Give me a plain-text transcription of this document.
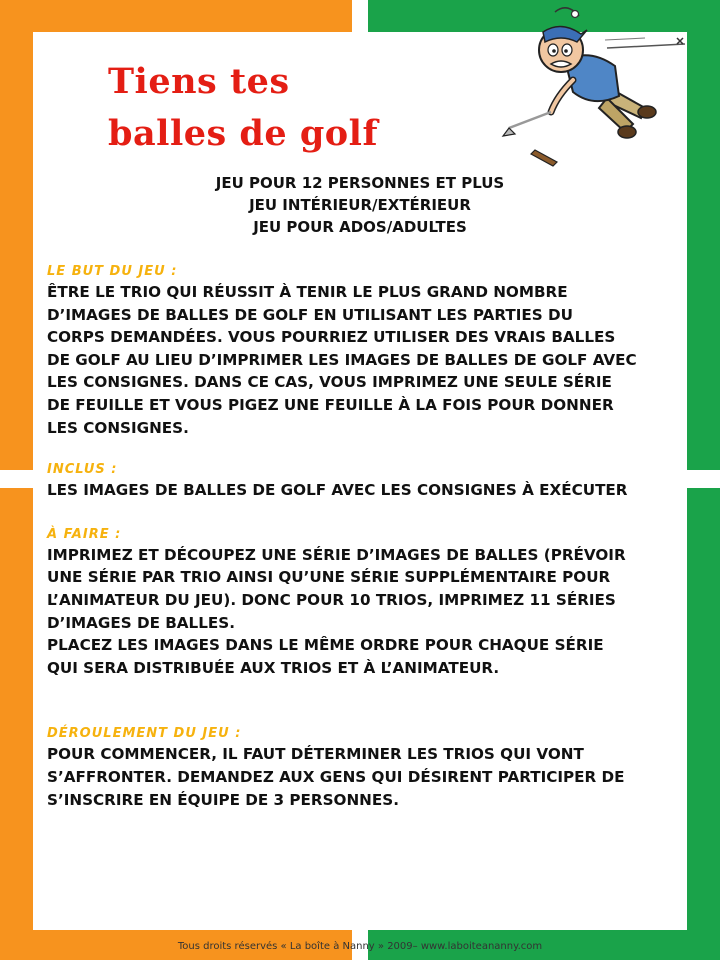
Tiens tes
balles de golf
JEU POUR 12 PERSONNES ET PLUS
JEU INTÉRIEUR/EXTÉRIEUR
JEU POUR ADOS/ADULTES
LE BUT DU JEU :
ÊTRE LE TRIO QUI RÉUSSIT À TENIR LE PLUS GRAND NOMBRE
D’IMAGES DE BALLES DE GOLF EN UTILISANT LES PARTIES DU
CORPS DEMANDÉES. VOUS POURRIEZ UTILISER DES VRAIS BALLES
DE GOLF AU LIEU D’IMPRIMER LES IMAGES DE BALLES DE GOLF AVEC
LES CONSIGNES. DANS CE CAS, VOUS IMPRIMEZ UNE SEULE SÉRIE
DE FEUILLE ET VOUS PIGEZ UNE FEUILLE À LA FOIS POUR DONNER
LES CONSIGNES.
INCLUS :
LES IMAGES DE BALLES DE GOLF AVEC LES CONSIGNES À EXÉCUTER
À FAIRE :
IMPRIMEZ ET DÉCOUPEZ UNE SÉRIE D’IMAGES DE BALLES (PRÉVOIR
UNE SÉRIE PAR TRIO AINSI QU’UNE SÉRIE SUPPLÉMENTAIRE POUR
L’ANIMATEUR DU JEU). DONC POUR 10 TRIOS, IMPRIMEZ 11 SÉRIES
D’IMAGES DE BALLES.
PLACEZ LES IMAGES DANS LE MÊME ORDRE POUR CHAQUE SÉRIE
QUI SERA DISTRIBUÉE AUX TRIOS ET À L’ANIMATEUR.
DÉROULEMENT DU JEU :
POUR COMMENCER, IL FAUT DÉTERMINER LES TRIOS QUI VONT
S’AFFRONTER. DEMANDEZ AUX GENS QUI DÉSIRENT PARTICIPER DE
S’INSCRIRE EN ÉQUIPE DE 3 PERSONNES.
Tous droits réservés « La boîte à Nanny » 2009– www.laboiteananny.com
